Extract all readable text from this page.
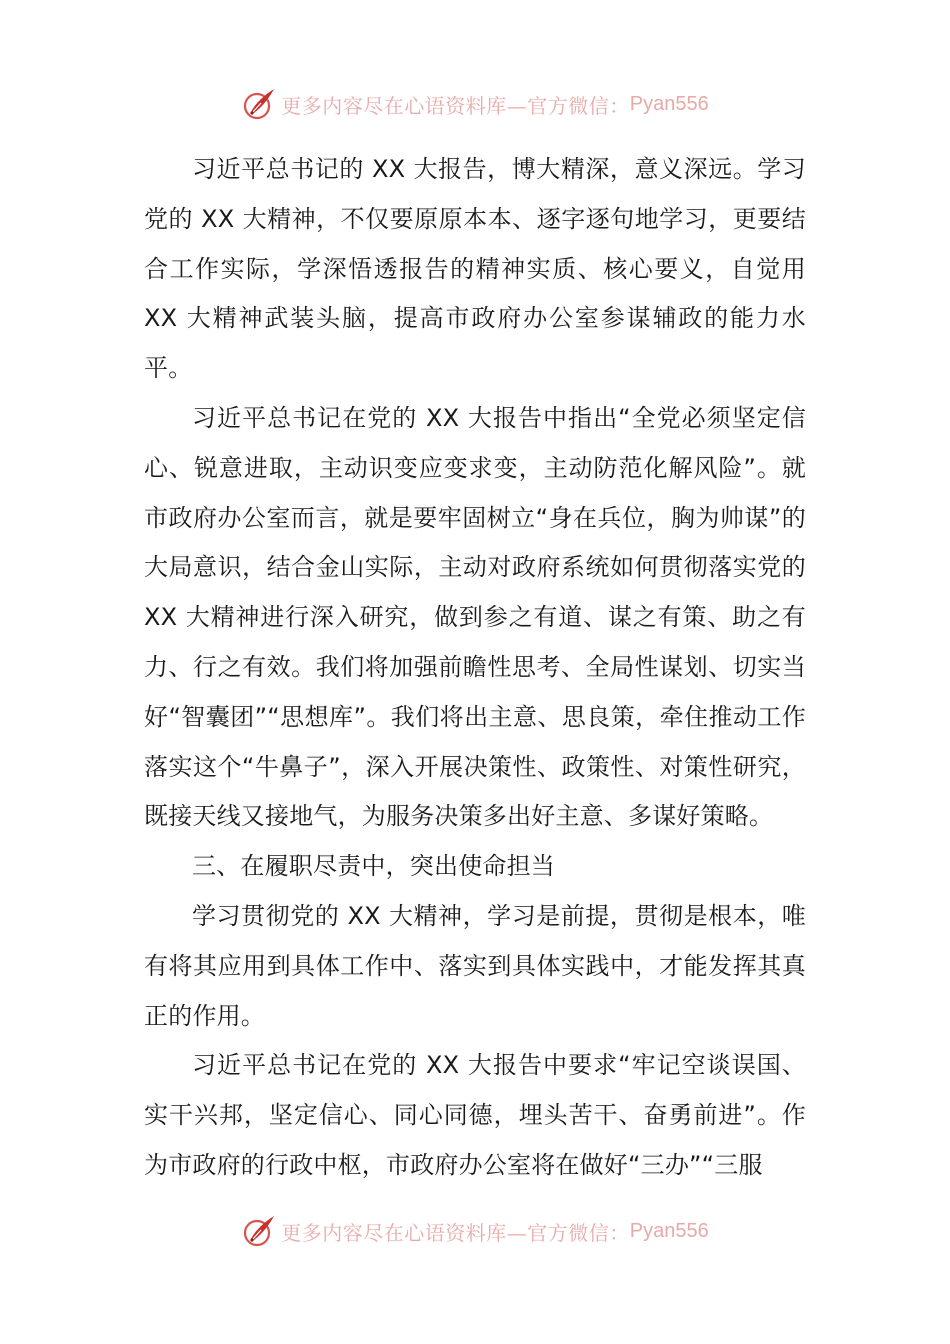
更多内容尽在心语资料库—官方微信： Pyan556

习近平总书记的 XX 大报告，博大精深，意义深远。学习党的 XX 大精神，不仅要原原本本、逐字逐句地学习，更要结合工作实际，学深悟透报告的精神实质、核心要义，自觉用 XX 大精神武装头脑，提高市政府办公室参谋辅政的能力水平。

习近平总书记在党的 XX 大报告中指出“全党必须坚定信心、锐意进取，主动识变应变求变，主动防范化解风险”。就市政府办公室而言，就是要牢固树立“身在兵位，胸为帅谋”的大局意识，结合金山实际，主动对政府系统如何贯彻落实党的 XX 大精神进行深入研究，做到参之有道、谋之有策、助之有力、行之有效。我们将加强前瞻性思考、全局性谋划、切实当好“智囊团”“思想库”。我们将出主意、思良策，牵住推动工作落实这个“牛鼻子”，深入开展决策性、政策性、对策性研究，既接天线又接地气，为服务决策多出好主意、多谋好策略。

三、在履职尽责中，突出使命担当

学习贯彻党的 XX 大精神，学习是前提，贯彻是根本，唯有将其应用到具体工作中、落实到具体实践中，才能发挥其真正的作用。

习近平总书记在党的 XX 大报告中要求“牢记空谈误国、实干兴邦，坚定信心、同心同德，埋头苦干、奋勇前进”。作为市政府的行政中枢，市政府办公室将在做好“三办”“三服

更多内容尽在心语资料库—官方微信： Pyan556
